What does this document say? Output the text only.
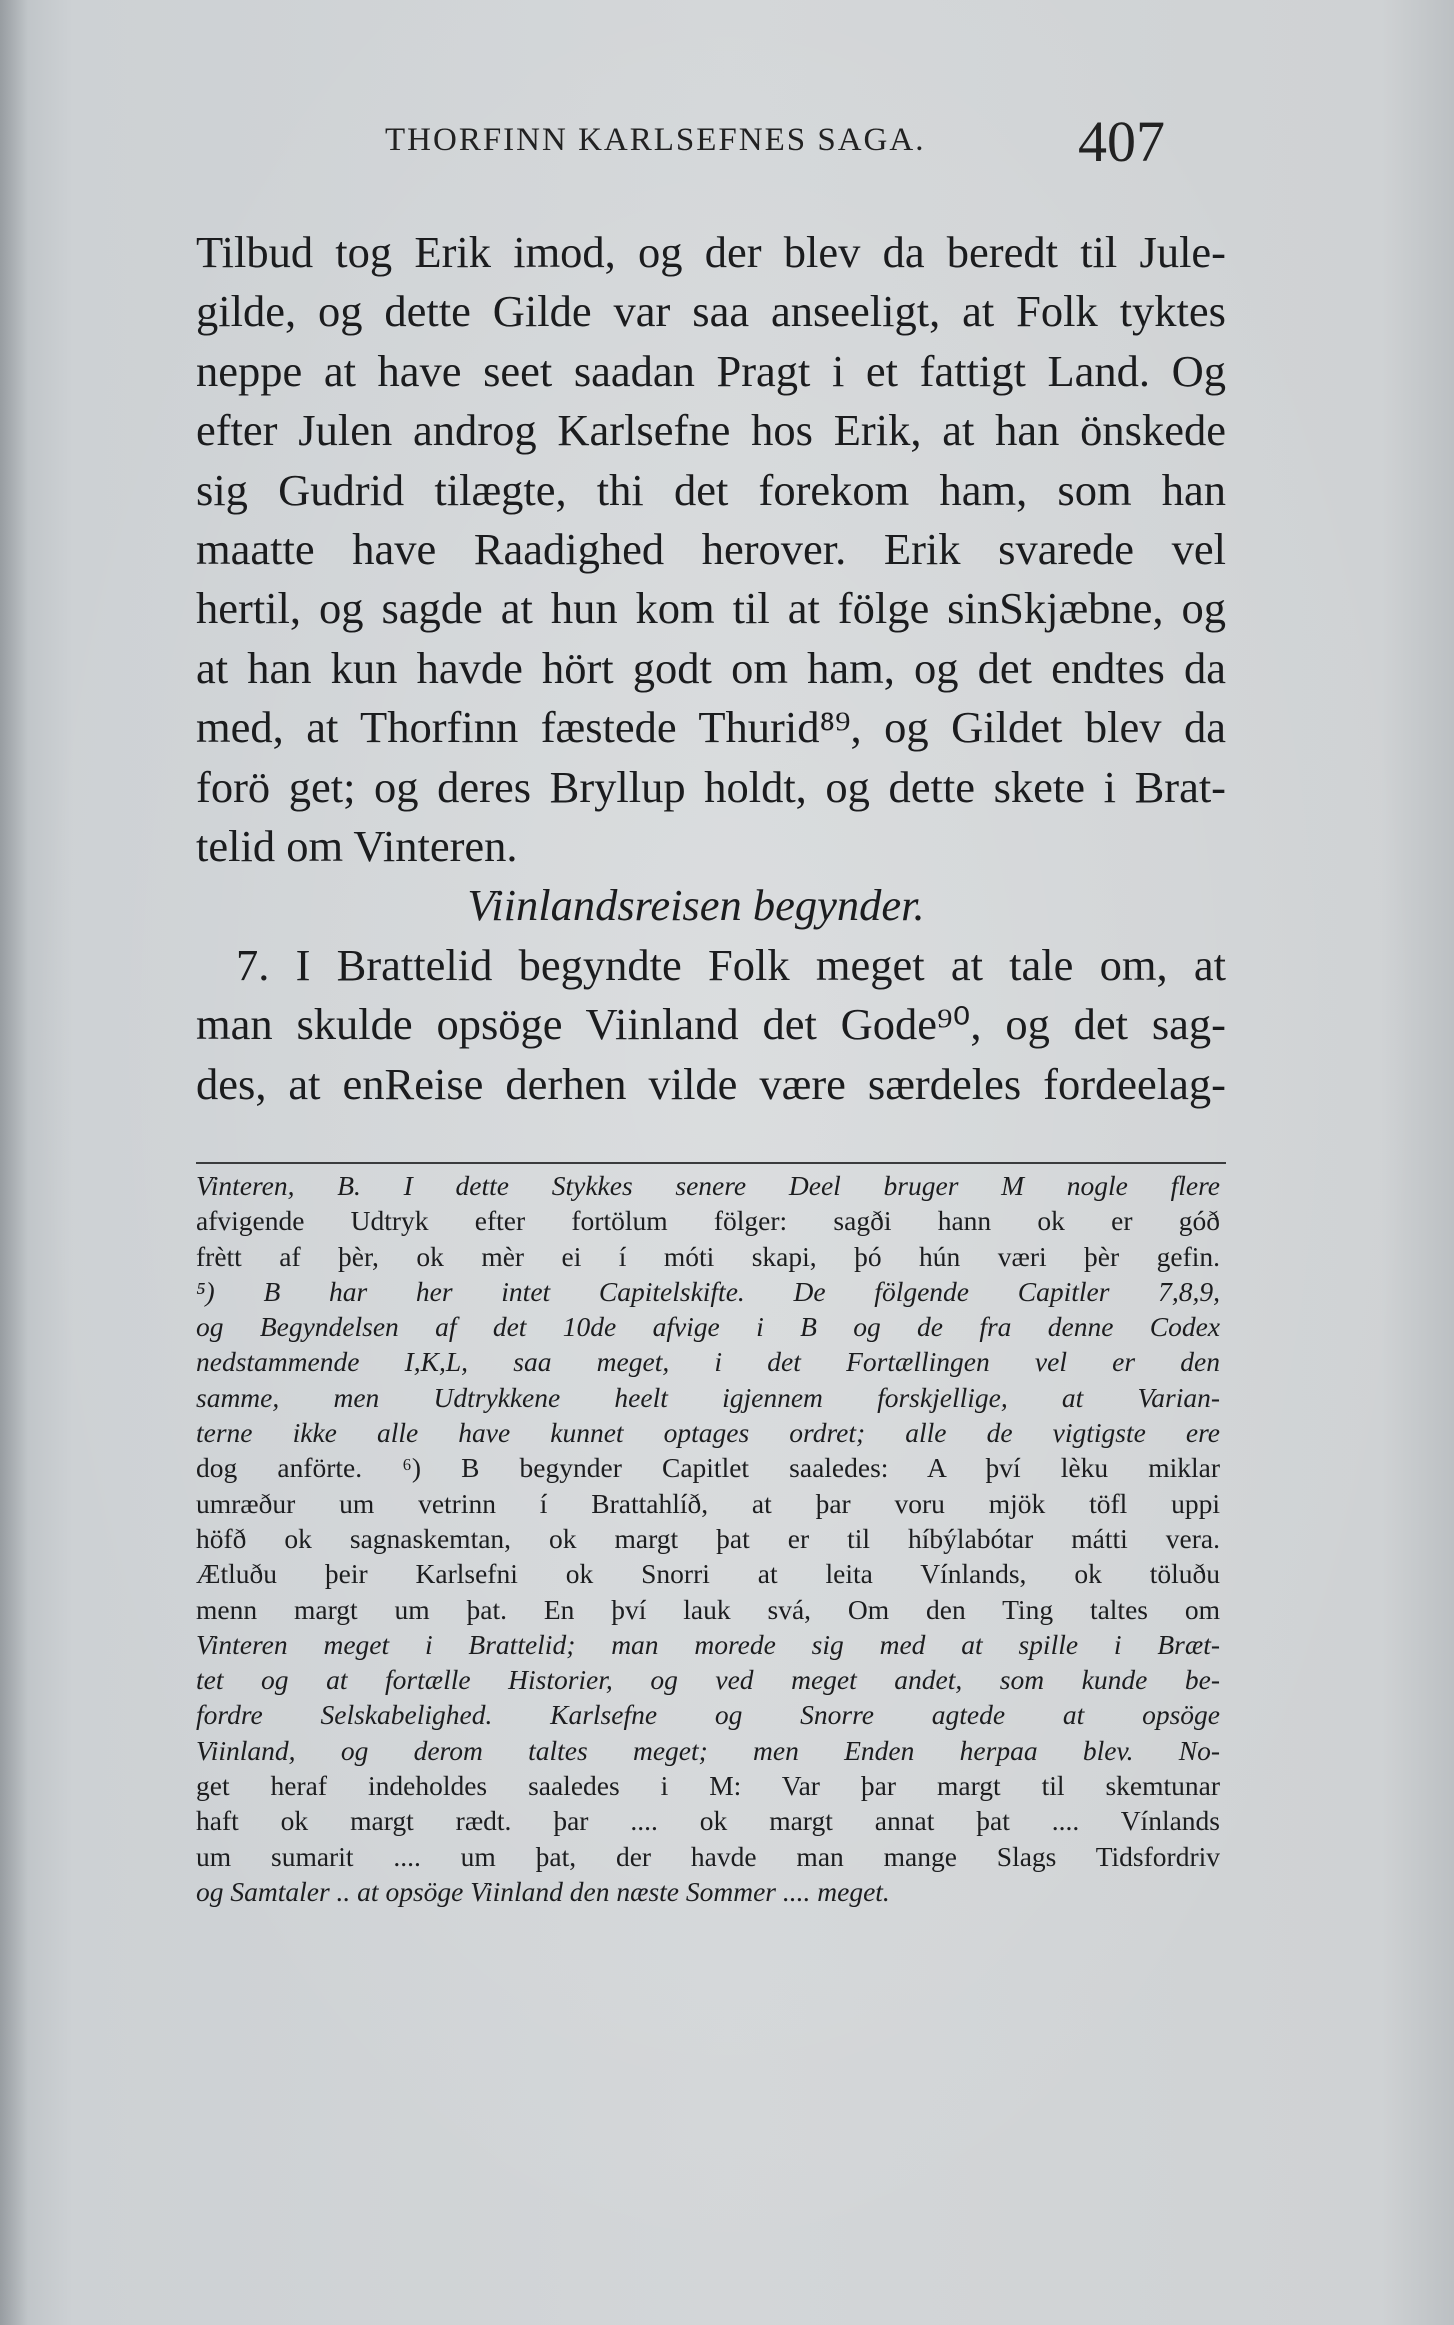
THORFINN KARLSEFNES SAGA.	407
Tilbud tog Erik imod, og der blev da beredt til Jule-
gilde, og dette Gilde var saa anseeligt, at Folk tyktes
neppe at have seet saadan Pragt i et fattigt Land. Og
efter Julen androg Karlsefne hos Erik, at han önskede
sig Gudrid tilægte, thi det forekom ham, som han
maatte have Raadighed herover. Erik svarede vel
hertil, og sagde at hun kom til at fölge sinSkjæbne, og
at han kun havde hört godt om ham, og det endtes da
med, at Thorfinn fæstede Thurid⁸⁹, og Gildet blev da
forö get; og deres Bryllup holdt, og dette skete i Brat-
telid om Vinteren.
Viinlandsreisen begynder.
7. I Brattelid begyndte Folk meget at tale om, at
man skulde opsöge Viinland det Gode⁹⁰, og det sag-
des, at enReise derhen vilde være særdeles fordeelag-
Vinteren, B. I dette Stykkes senere Deel bruger M nogle flere
afvigende Udtryk efter fortölum fölger: sagði hann ok er góð
frètt af þèr, ok mèr ei í móti skapi, þó hún væri þèr gefin.
⁵) B har her intet Capitelskifte. De fölgende Capitler 7,8,9,
og Begyndelsen af det 10de afvige i B og de fra denne Codex
nedstammende I,K,L, saa meget, i det Fortællingen vel er den
samme, men Udtrykkene heelt igjennem forskjellige, at Varian-
terne ikke alle have kunnet optages ordret; alle de vigtigste ere
dog anförte. ⁶) B begynder Capitlet saaledes: A því lèku miklar
umræður um vetrinn í Brattahlíð, at þar voru mjök töfl uppi
höfð ok sagnaskemtan, ok margt þat er til híbýlabótar mátti vera.
Ætluðu þeir Karlsefni ok Snorri at leita Vínlands, ok töluðu
menn margt um þat. En því lauk svá, Om den Ting taltes om
Vinteren meget i Brattelid; man morede sig med at spille i Bræt-
tet og at fortælle Historier, og ved meget andet, som kunde be-
fordre Selskabelighed. Karlsefne og Snorre agtede at opsöge
Viinland, og derom taltes meget; men Enden herpaa blev. No-
get heraf indeholdes saaledes i M: Var þar margt til skemtunar
haft ok margt rædt. þar .... ok margt annat þat .... Vínlands
um sumarit .... um þat, der havde man mange Slags Tidsfordriv
og Samtaler .. at opsöge Viinland den næste Sommer .... meget.
